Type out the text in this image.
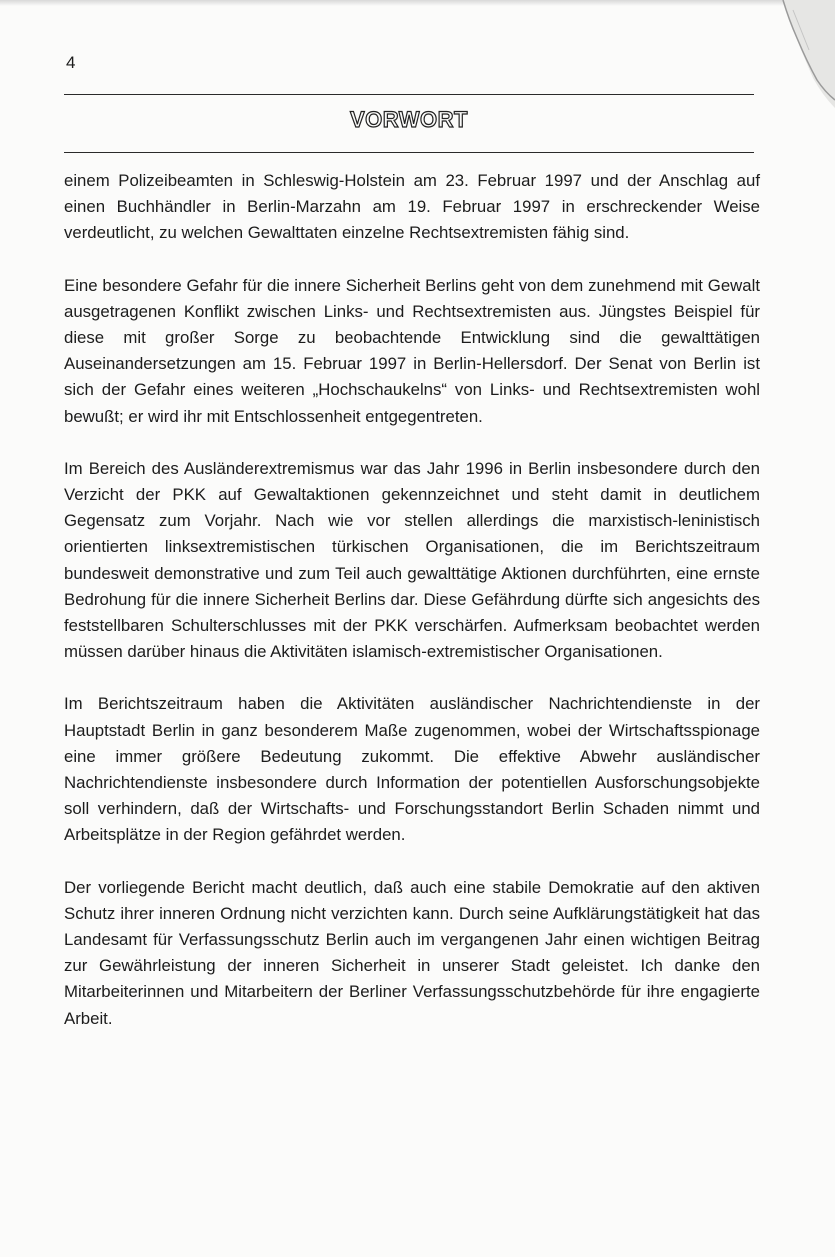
4
VORWORT

einem Polizeibeamten in Schleswig-Holstein am 23. Februar 1997 und der Anschlag auf einen Buchhändler in Berlin-Marzahn am 19. Februar 1997 in erschreckender Weise verdeutlicht, zu welchen Gewalttaten einzelne Rechtsextremisten fähig sind.

Eine besondere Gefahr für die innere Sicherheit Berlins geht von dem zunehmend mit Gewalt ausgetragenen Konflikt zwischen Links- und Rechtsextremisten aus. Jüngstes Beispiel für diese mit großer Sorge zu beobachtende Entwicklung sind die gewalttätigen Auseinandersetzungen am 15. Februar 1997 in Berlin-Hellersdorf. Der Senat von Berlin ist sich der Gefahr eines weiteren „Hochschaukelns“ von Links- und Rechtsextremisten wohl bewußt; er wird ihr mit Entschlossenheit entgegentreten.

Im Bereich des Ausländerextremismus war das Jahr 1996 in Berlin insbesondere durch den Verzicht der PKK auf Gewaltaktionen gekennzeichnet und steht damit in deutlichem Gegensatz zum Vorjahr. Nach wie vor stellen allerdings die marxistisch-leninistisch orientierten linksextremistischen türkischen Organisationen, die im Berichtszeitraum bundesweit demonstrative und zum Teil auch gewalttätige Aktionen durchführten, eine ernste Bedrohung für die innere Sicherheit Berlins dar. Diese Gefährdung dürfte sich angesichts des feststellbaren Schulterschlusses mit der PKK verschärfen. Aufmerksam beobachtet werden müssen darüber hinaus die Aktivitäten islamisch-extremistischer Organisationen.

Im Berichtszeitraum haben die Aktivitäten ausländischer Nachrichtendienste in der Hauptstadt Berlin in ganz besonderem Maße zugenommen, wobei der Wirtschaftsspionage eine immer größere Bedeutung zukommt. Die effektive Abwehr ausländischer Nachrichtendienste insbesondere durch Information der potentiellen Ausforschungsobjekte soll verhindern, daß der Wirtschafts- und Forschungsstandort Berlin Schaden nimmt und Arbeitsplätze in der Region gefährdet werden.

Der vorliegende Bericht macht deutlich, daß auch eine stabile Demokratie auf den aktiven Schutz ihrer inneren Ordnung nicht verzichten kann. Durch seine Aufklärungstätigkeit hat das Landesamt für Verfassungsschutz Berlin auch im vergangenen Jahr einen wichtigen Beitrag zur Gewährleistung der inneren Sicherheit in unserer Stadt geleistet. Ich danke den Mitarbeiterinnen und Mitarbeitern der Berliner Verfassungsschutzbehörde für ihre engagierte Arbeit.
